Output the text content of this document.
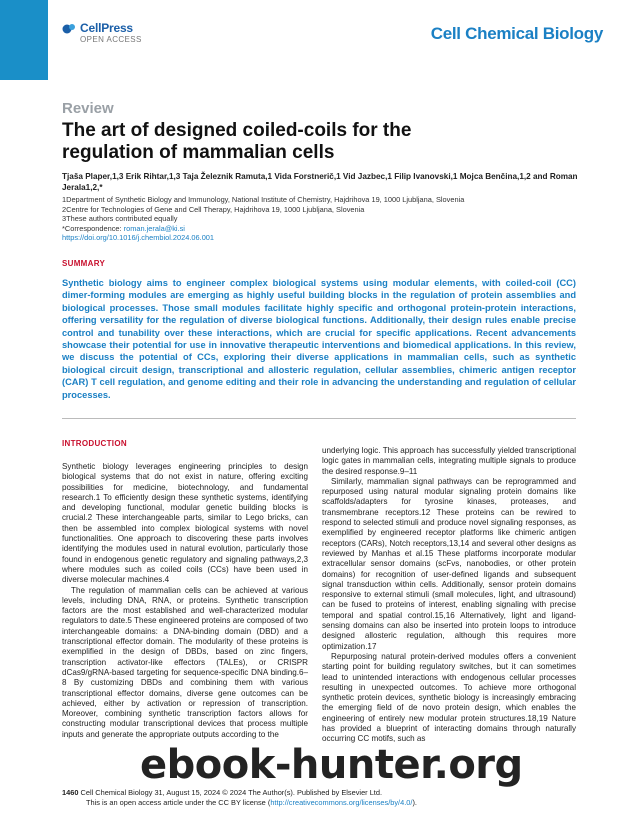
CellPress
OPEN ACCESS	Cell Chemical Biology
Review
The art of designed coiled-coils for the regulation of mammalian cells
Tjaša Plaper,1,3 Erik Rihtar,1,3 Taja Železnik Ramuta,1 Vida Forstnerič,1 Vid Jazbec,1 Filip Ivanovski,1 Mojca Benčina,1,2 and Roman Jerala1,2,*
1Department of Synthetic Biology and Immunology, National Institute of Chemistry, Hajdrihova 19, 1000 Ljubljana, Slovenia
2Centre for Technologies of Gene and Cell Therapy, Hajdrihova 19, 1000 Ljubljana, Slovenia
3These authors contributed equally
*Correspondence: roman.jerala@ki.si
https://doi.org/10.1016/j.chembiol.2024.06.001
SUMMARY
Synthetic biology aims to engineer complex biological systems using modular elements, with coiled-coil (CC) dimer-forming modules are emerging as highly useful building blocks in the regulation of protein assemblies and biological processes. Those small modules facilitate highly specific and orthogonal protein-protein interactions, offering versatility for the regulation of diverse biological functions. Additionally, their design rules enable precise control and tunability over these interactions, which are crucial for specific applications. Recent advancements showcase their potential for use in innovative therapeutic interventions and biomedical applications. In this review, we discuss the potential of CCs, exploring their diverse applications in mammalian cells, such as synthetic biological circuit design, transcriptional and allosteric regulation, cellular assemblies, chimeric antigen receptor (CAR) T cell regulation, and genome editing and their role in advancing the understanding and regulation of cellular processes.
INTRODUCTION

Synthetic biology leverages engineering principles to design biological systems that do not exist in nature, offering exciting possibilities for medicine, biotechnology, and fundamental research.1 To efficiently design these synthetic systems, identifying and developing functional, modular genetic building blocks is crucial.2 These interchangeable parts, similar to Lego bricks, can then be assembled into complex biological systems with novel functionalities. One approach to discovering these parts involves identifying the modules used in natural evolution, particularly those found in endogenous genetic regulatory and signaling pathways,2,3 where modules such as coiled coils (CCs) have been used in diverse molecular machines.4

The regulation of mammalian cells can be achieved at various levels, including DNA, RNA, or proteins. Synthetic transcription factors are the most established and well-characterized modular regulators to date.5 These engineered proteins are composed of two interchangeable domains: a DNA-binding domain (DBD) and a transcriptional effector domain. The modularity of these proteins is exemplified in the design of DBDs, based on zinc fingers, transcription activator-like effectors (TALEs), or CRISPR dCas9/gRNA-based targeting for sequence-specific DNA binding.6–8 By customizing DBDs and combining them with various transcriptional effector domains, diverse gene outcomes can be achieved, either by activation or repression of transcription. Moreover, combining synthetic transcription factors allows for constructing modular transcriptional devices that process multiple inputs and generate the appropriate outputs according to the

underlying logic. This approach has successfully yielded transcriptional logic gates in mammalian cells, integrating multiple signals to produce the desired response.9–11

Similarly, mammalian signal pathways can be reprogrammed and repurposed using natural modular signaling protein domains like scaffolds/adapters for tyrosine kinases, proteases, and transmembrane receptors.12 These proteins can be rewired to respond to selected stimuli and produce novel signaling responses, as exemplified by engineered receptor platforms like chimeric antigen receptors (CARs), Notch receptors,13,14 and several other designs as reviewed by Manhas et al.15 These platforms incorporate modular extracellular sensor domains (scFvs, nanobodies, or other protein domains) for recognition of user-defined ligands and subsequent signal transduction within cells. Additionally, sensor protein domains responsive to external stimuli (small molecules, light, and ultrasound) can be fused to proteins of interest, enabling signaling with precise temporal and spatial control.15,16 Alternatively, light and ligand-sensing domains can also be inserted into protein loops to introduce designed allosteric regulation, although this requires more optimization.17

Repurposing natural protein-derived modules offers a convenient starting point for building regulatory switches, but it can sometimes lead to unintended interactions with endogenous cellular processes resulting in unexpected outcomes. To achieve more orthogonal synthetic protein devices, synthetic biology is increasingly embracing the emerging field of de novo protein design, which enables the engineering of entirely new modular protein structures.18,19 Nature has provided a blueprint of interacting domains through naturally occurring CC motifs, such as

ebook-hunter.org
1460 Cell Chemical Biology 31, August 15, 2024 © 2024 The Author(s). Published by Elsevier Ltd.
This is an open access article under the CC BY license (http://creativecommons.org/licenses/by/4.0/).
